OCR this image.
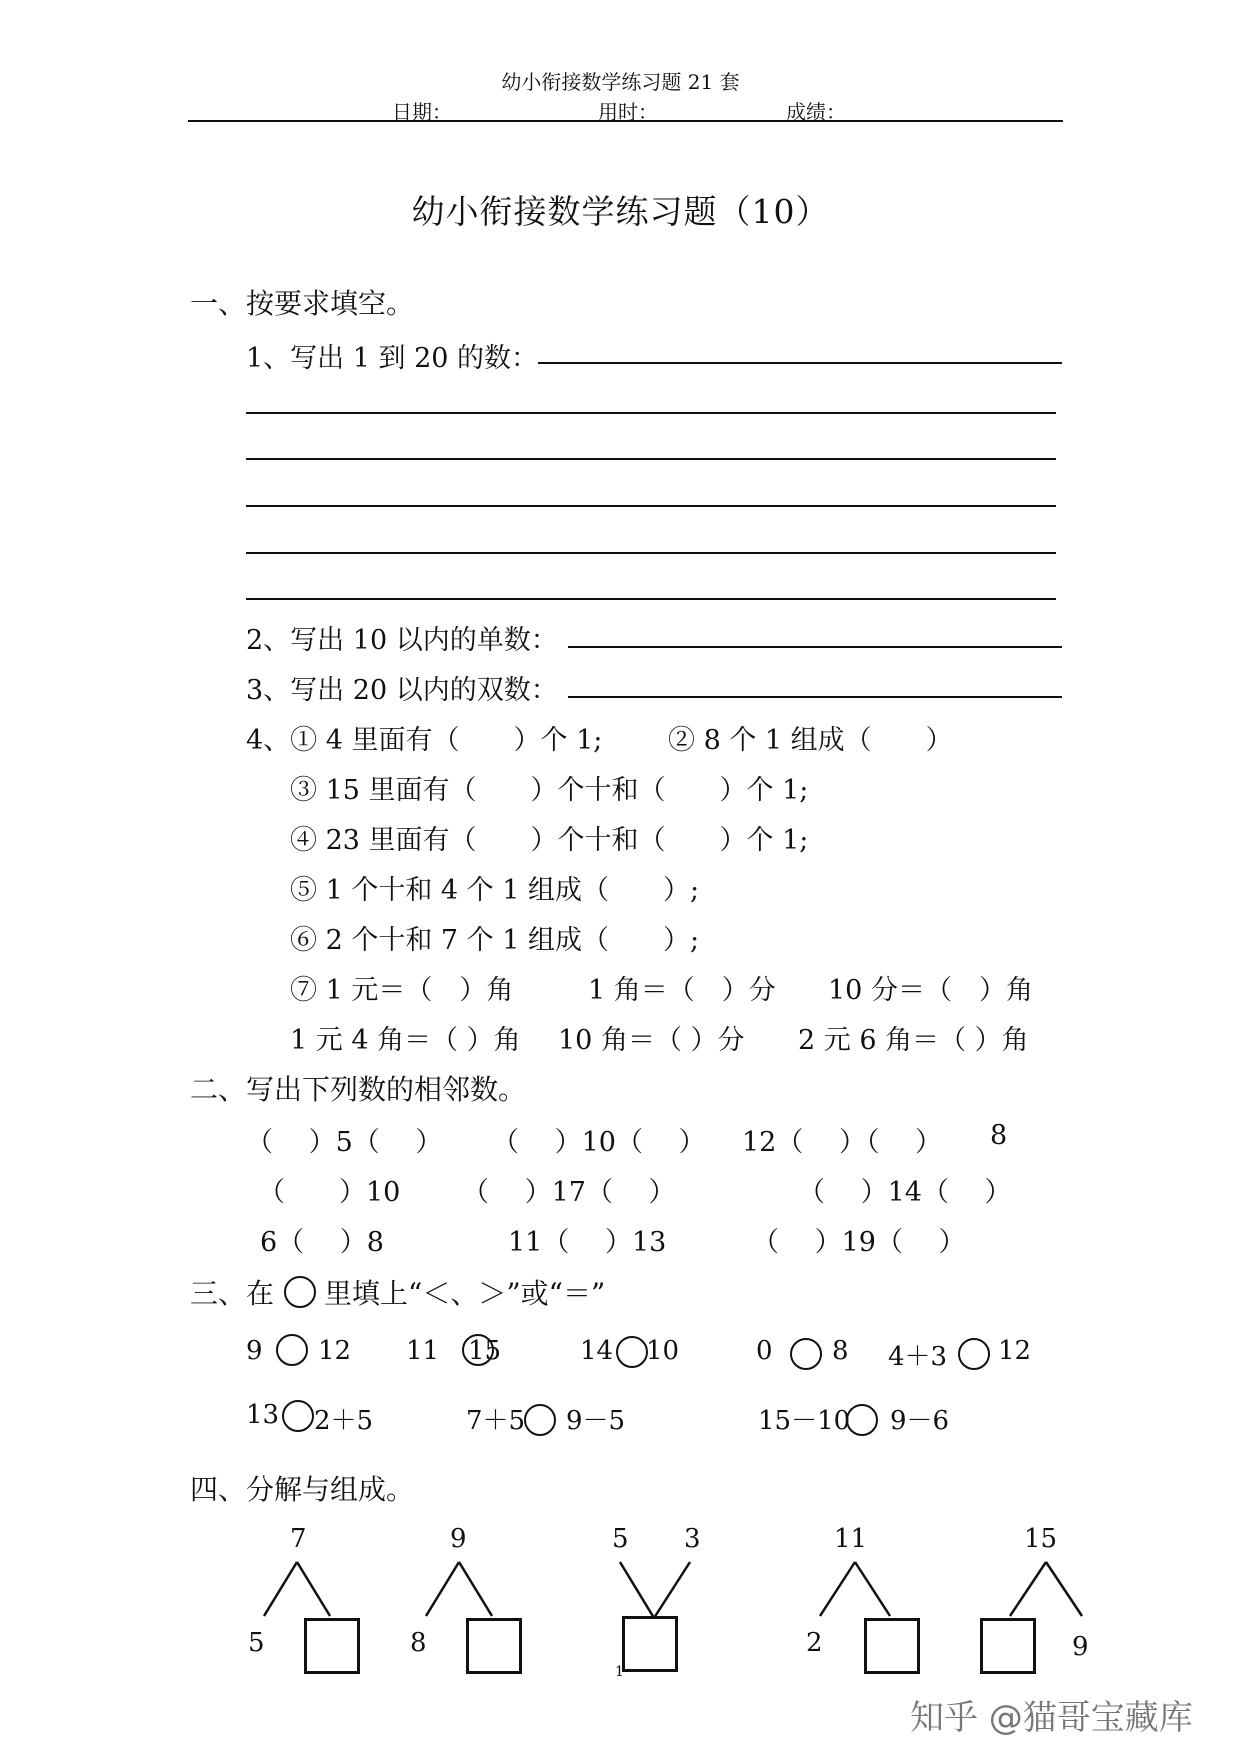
幼小衔接数学练习题 21 套
日期：	用时：	成绩：
幼小衔接数学练习题（10）
一、按要求填空。
1、写出 1 到 20 的数：
2、写出 10 以内的单数：
3、写出 20 以内的双数：
4、① 4 里面有（　　）个 1; ② 8 个 1 组成（　　）
③ 15 里面有（　　）个十和（　　）个 1;
④ 23 里面有（　　）个十和（　　）个 1;
⑤ 1 个十和 4 个 1 组成（　　）;
⑥ 2 个十和 7 个 1 组成（　　）;
⑦ 1 元＝（　）角	1 角＝（　）分 10 分＝（　）角
1 元 4 角＝（ ）角 10 角＝（ ）分 2 元 6 角＝（ ）角
二、写出下列数的相邻数。
（　 ）5（　 ） （　 ）10（　 ） 12（　 ）（　 ） 8
（　　）10 （　 ）17（　 ）	（　 ）14（　 ）
6（　 ）8	11（　 ）13	（　 ）19（　 ）
三、在 里填上“＜、＞”或“＝”
9 12 11 15	14 10	0 8 4＋3 12
13 2＋5	7＋5 9－5	15－10 9－6
四、分解与组成。
7
5
9
8
5 3	11
2
15
9
1
知乎 @猫哥宝藏库
